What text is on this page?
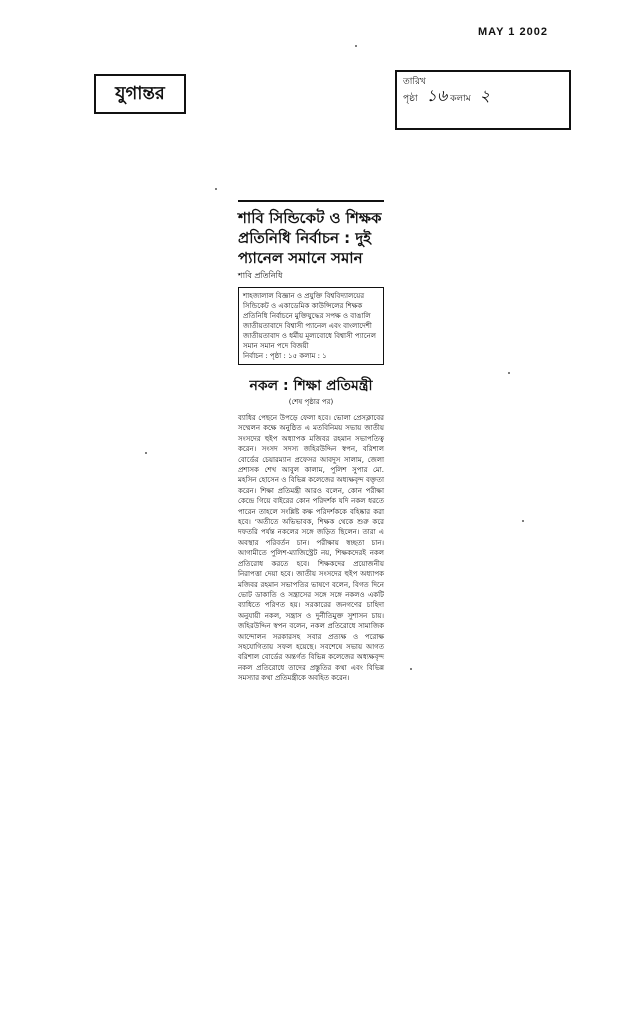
MAY 1 2002
যুগান্তর
তারিখ
পৃষ্ঠা ১৬ কলাম ২
শাবি সিন্ডিকেট ও শিক্ষক প্রতিনিধি নির্বাচন : দুই প্যানেল সমানে সমান
শাবি প্রতিনিধি
শাহজালাল বিজ্ঞান ও প্রযুক্তি বিশ্ববিদ্যালয়ের সিন্ডিকেট ও একাডেমিক কাউন্সিলের শিক্ষক প্রতিনিধি নির্বাচনে মুক্তিযুদ্ধের সপক্ষ ও বাঙালি জাতীয়তাবাদে বিশ্বাসী প্যানেল এবং বাংলাদেশী জাতীয়তাবাদ ও ধর্মীয় মূল্যবোধে বিশ্বাসী প্যানেল সমান সমান পদে বিজয়ী
নির্বাচন : পৃষ্ঠা : ১৫ কলাম : ১
নকল : শিক্ষা প্রতিমন্ত্রী
(শেষ পৃষ্ঠার পর)

ব্যাধির পেছনে উপড়ে ফেলা হবে। ভোলা প্রেসক্লাবের সম্মেলন কক্ষে অনুষ্ঠিত এ মতবিনিময় সভায় জাতীয় সংসদের হুইপ অধ্যাপক মজিবর রহমান সভাপতিত্ব করেন। সংসদ সদস্য জহিরউদ্দিন স্বপন, বরিশাল বোর্ডের চেয়ারম্যান প্রফেসর আবদুস সালাম, জেলা প্রশাসক শেখ আবুল কালাম, পুলিশ সুপার মো. মহসিন হোসেন ও বিভিন্ন কলেজের অধ্যক্ষবৃন্দ বক্তৃতা করেন। শিক্ষা প্রতিমন্ত্রী আরও বলেন, কোন পরীক্ষা কেন্দ্রে গিয়ে বাইরের কোন পরিদর্শক যদি নকল ধরতে পারেন তাহলে সংশ্লিষ্ট কক্ষ পরিদর্শককে বহিষ্কার করা হবে। ‘অতীতে অভিভাবক, শিক্ষক থেকে শুরু করে দফতরি পর্যন্ত নকলের সঙ্গে জড়িত ছিলেন। তারা এ অবস্থার পরিবর্তন চান। পরীক্ষায় স্বচ্ছতা চান। আগামীতে পুলিশ-ম্যাজিস্ট্রেট নয়, শিক্ষকদেরই নকল প্রতিরোধ করতে হবে। শিক্ষকদের প্রয়োজনীয় নিরাপত্তা দেয়া হবে। জাতীয় সংসদের হুইপ অধ্যাপক মজিবর রহমান সভাপতির ভাষণে বলেন, বিগত দিনে ভোট ডাকাতি ও সন্ত্রাসের সঙ্গে সঙ্গে নকলও একটি ব্যাধিতে পরিণত হয়। সরকারের জনগণের চাহিদা অনুযায়ী নকল, সন্ত্রাস ও দুর্নীতিমুক্ত সুশাসন চায়। জহিরউদ্দিন স্বপন বলেন, নকল প্রতিরোধে সামাজিক আন্দোলন সরকারসহ সবার প্রত্যক্ষ ও পরোক্ষ সহযোগিতায় সফল হয়েছে। সবশেষে সভায় আগত বরিশাল বোর্ডের অন্তর্গত বিভিন্ন কলেজের অধ্যক্ষবৃন্দ নকল প্রতিরোধে তাদের প্রস্তুতির কথা এবং বিভিন্ন সমস্যার কথা প্রতিমন্ত্রীকে অবহিত করেন।
